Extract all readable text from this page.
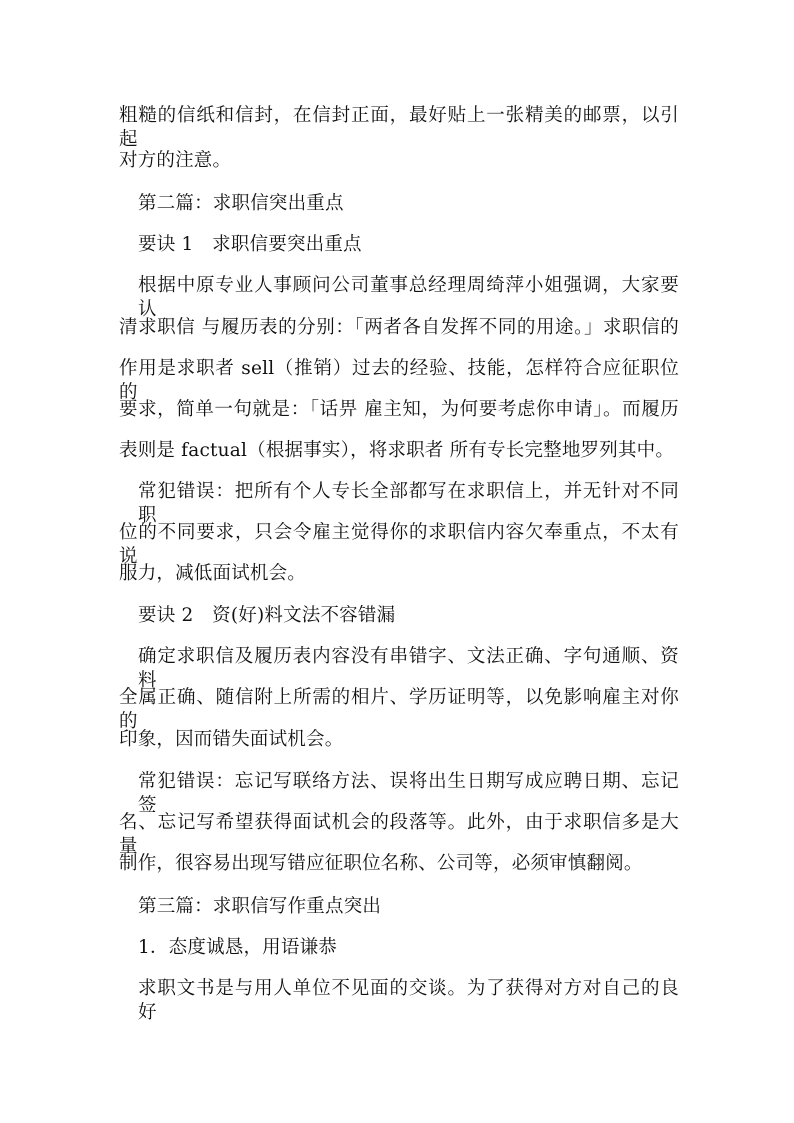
粗糙的信纸和信封，在信封正面，最好贴上一张精美的邮票，以引起
对方的注意。
第二篇：求职信突出重点
要诀 1　求职信要突出重点
根据中原专业人事顾问公司董事总经理周绮萍小姐强调，大家要认
清求职信 与履历表的分别：「两者各自发挥不同的用途。」求职信的
作用是求职者 sell（推销）过去的经验、技能，怎样符合应征职位的
要求，简单一句就是：「话畀 雇主知，为何要考虑你申请」。而履历
表则是 factual（根据事实），将求职者 所有专长完整地罗列其中。
常犯错误：把所有个人专长全部都写在求职信上，并无针对不同职
位的不同要求，只会令雇主觉得你的求职信内容欠奉重点，不太有说
服力，减低面试机会。
要诀 2　资(好)料文法不容错漏
确定求职信及履历表内容没有串错字、文法正确、字句通顺、资料
全属正确、随信附上所需的相片、学历证明等，以免影响雇主对你的
印象，因而错失面试机会。
常犯错误：忘记写联络方法、误将出生日期写成应聘日期、忘记签
名、忘记写希望获得面试机会的段落等。此外，由于求职信多是大量
制作，很容易出现写错应征职位名称、公司等，必须审慎翻阅。
第三篇：求职信写作重点突出
1．态度诚恳，用语谦恭
求职文书是与用人单位不见面的交谈。为了获得对方对自己的良好
